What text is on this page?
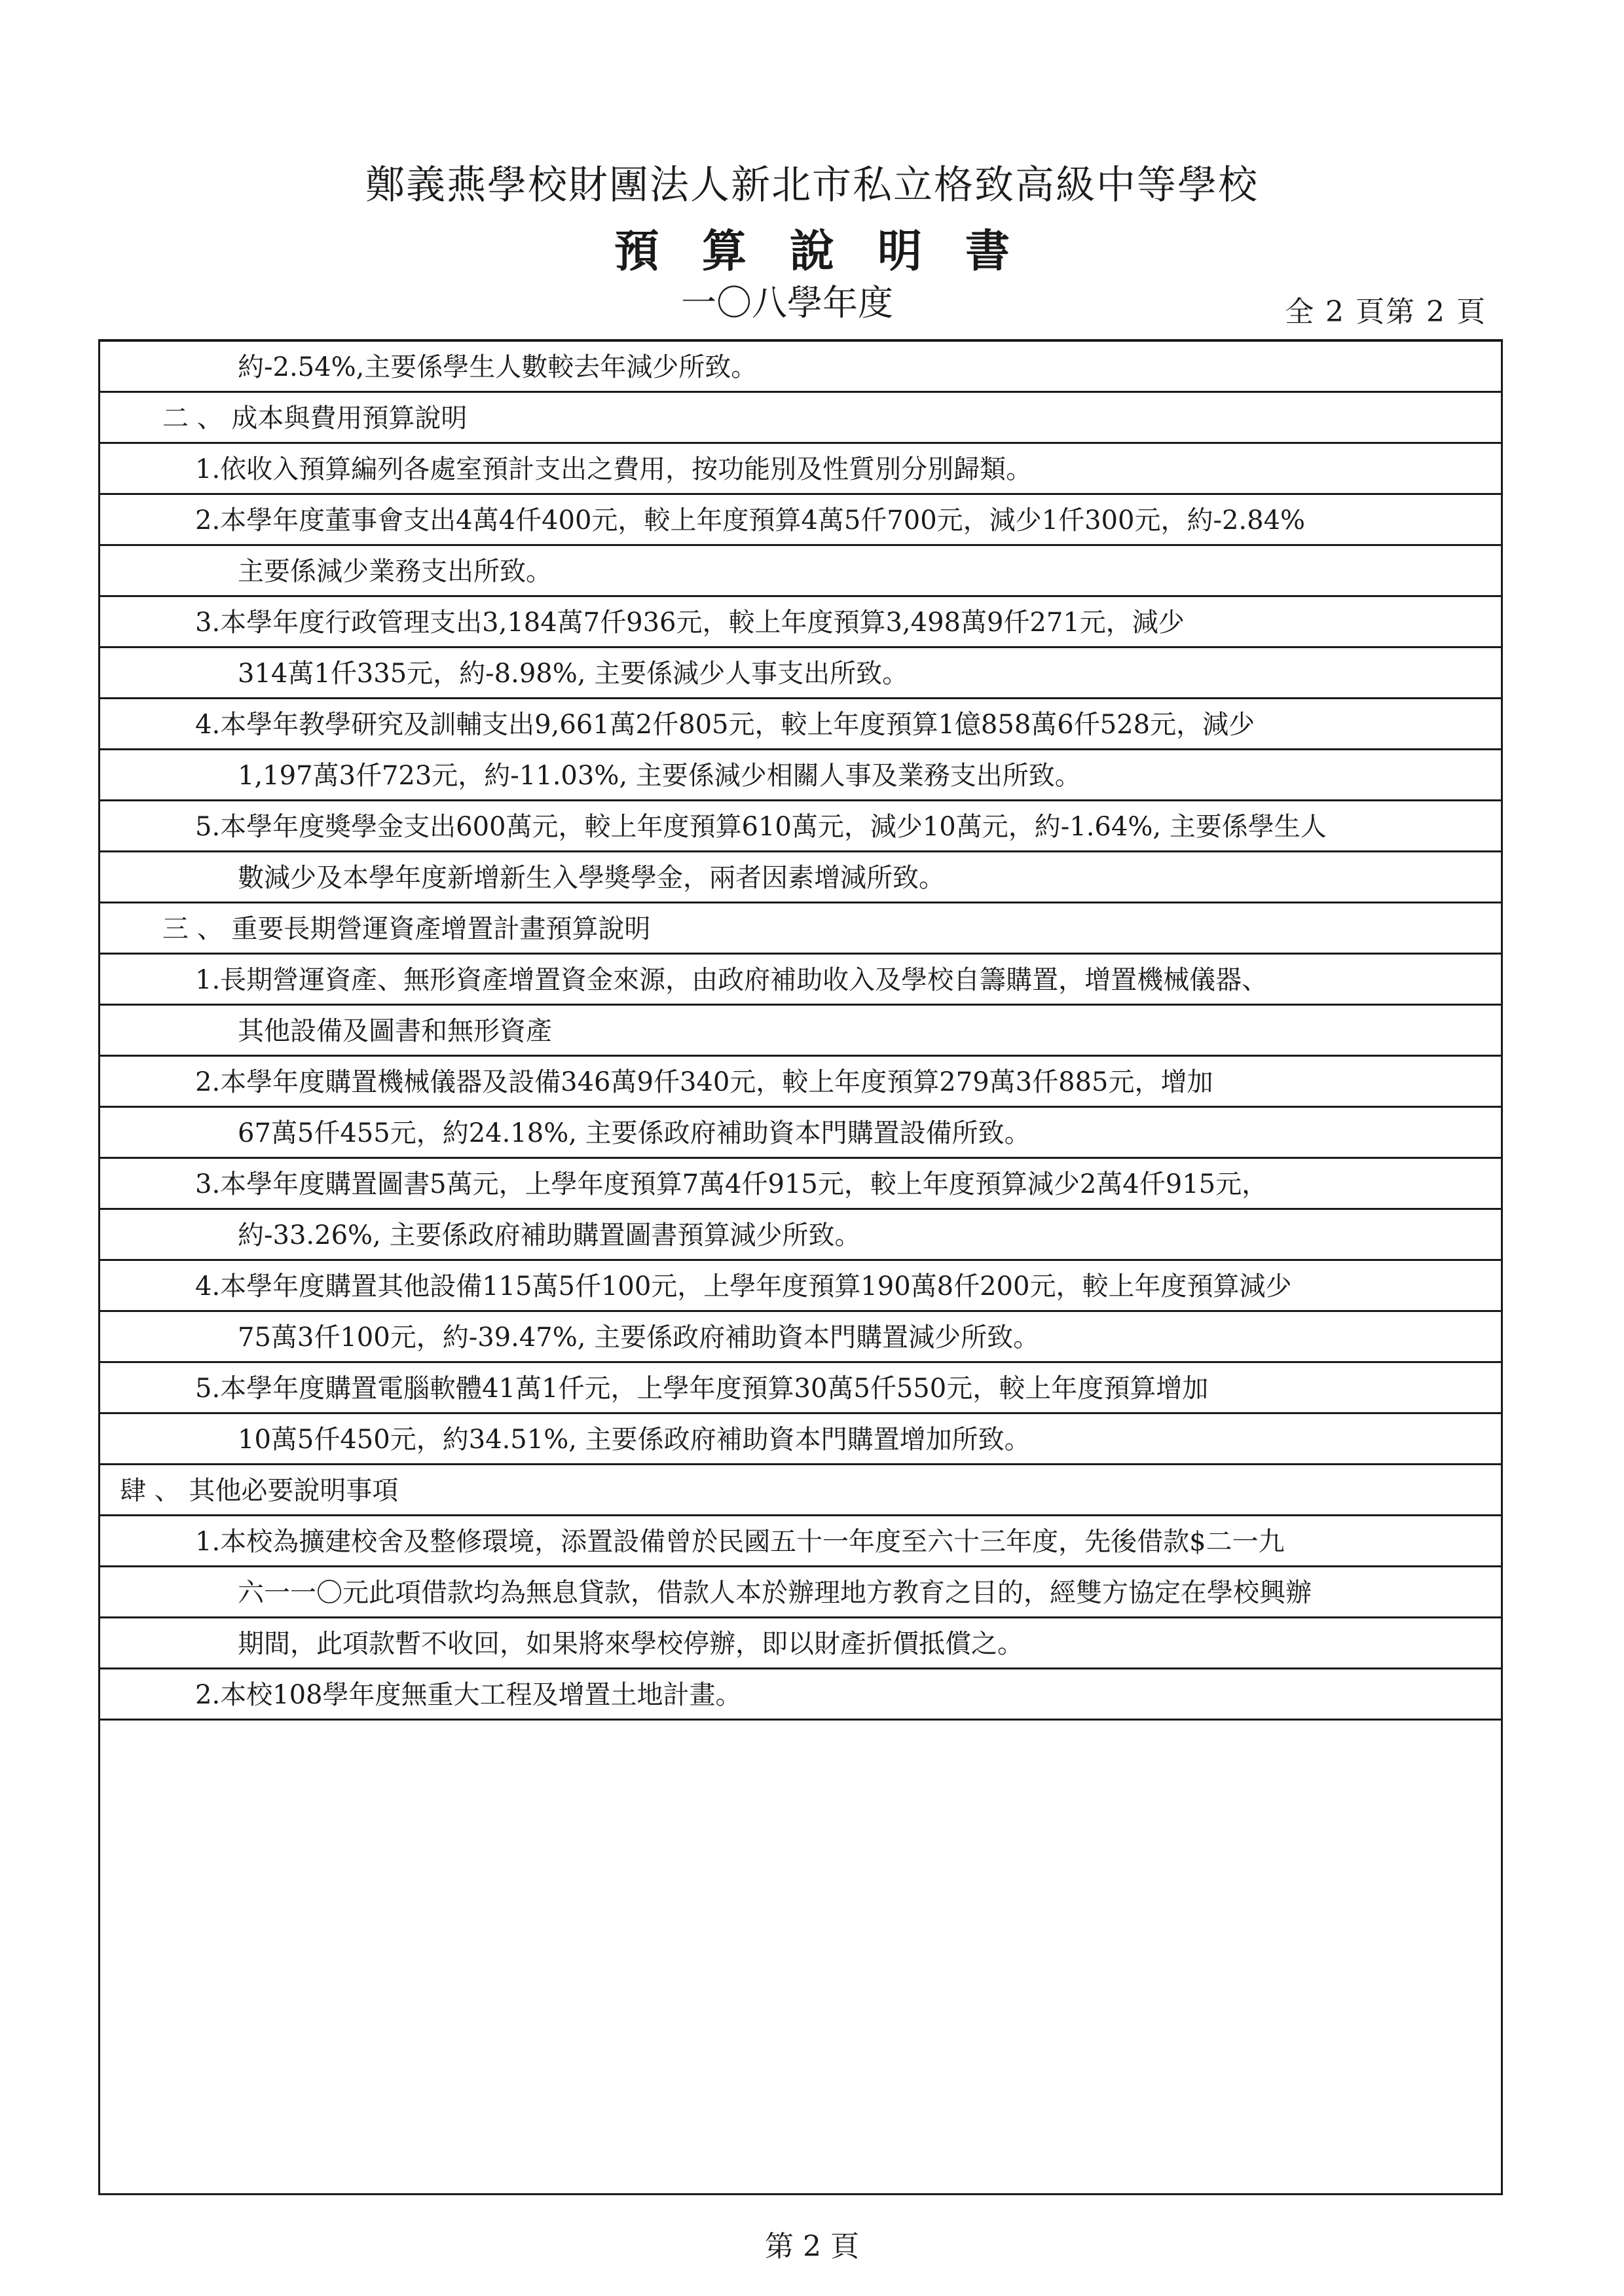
鄭義燕學校財團法人新北市私立格致高級中等學校
預算說明書
一〇八學年度	全 2 頁第 2 頁
約-2.54%,主要係學生人數較去年減少所致。
二 、 成本與費用預算說明
1.依收入預算編列各處室預計支出之費用，按功能別及性質別分別歸類。
2.本學年度董事會支出4萬4仟400元，較上年度預算4萬5仟700元，減少1仟300元，約-2.84%
主要係減少業務支出所致。
3.本學年度行政管理支出3,184萬7仟936元，較上年度預算3,498萬9仟271元，減少
314萬1仟335元，約-8.98%, 主要係減少人事支出所致。
4.本學年教學研究及訓輔支出9,661萬2仟805元，較上年度預算1億858萬6仟528元，減少
1,197萬3仟723元，約-11.03%, 主要係減少相關人事及業務支出所致。
5.本學年度獎學金支出600萬元，較上年度預算610萬元，減少10萬元，約-1.64%, 主要係學生人
數減少及本學年度新增新生入學獎學金，兩者因素增減所致。
三 、 重要長期營運資產增置計畫預算說明
1.長期營運資產、無形資產增置資金來源，由政府補助收入及學校自籌購置，增置機械儀器、
其他設備及圖書和無形資產
2.本學年度購置機械儀器及設備346萬9仟340元，較上年度預算279萬3仟885元，增加
67萬5仟455元，約24.18%, 主要係政府補助資本門購置設備所致。
3.本學年度購置圖書5萬元，上學年度預算7萬4仟915元，較上年度預算減少2萬4仟915元，
約-33.26%, 主要係政府補助購置圖書預算減少所致。
4.本學年度購置其他設備115萬5仟100元，上學年度預算190萬8仟200元，較上年度預算減少
75萬3仟100元，約-39.47%, 主要係政府補助資本門購置減少所致。
5.本學年度購置電腦軟體41萬1仟元，上學年度預算30萬5仟550元，較上年度預算增加
10萬5仟450元，約34.51%, 主要係政府補助資本門購置增加所致。
肆 、 其他必要說明事項
1.本校為擴建校舍及整修環境，添置設備曾於民國五十一年度至六十三年度，先後借款$二一九
六一一〇元此項借款均為無息貸款，借款人本於辦理地方教育之目的，經雙方協定在學校興辦
期間，此項款暫不收回，如果將來學校停辦，即以財產折價抵償之。
2.本校108學年度無重大工程及增置土地計畫。
第 2 頁
